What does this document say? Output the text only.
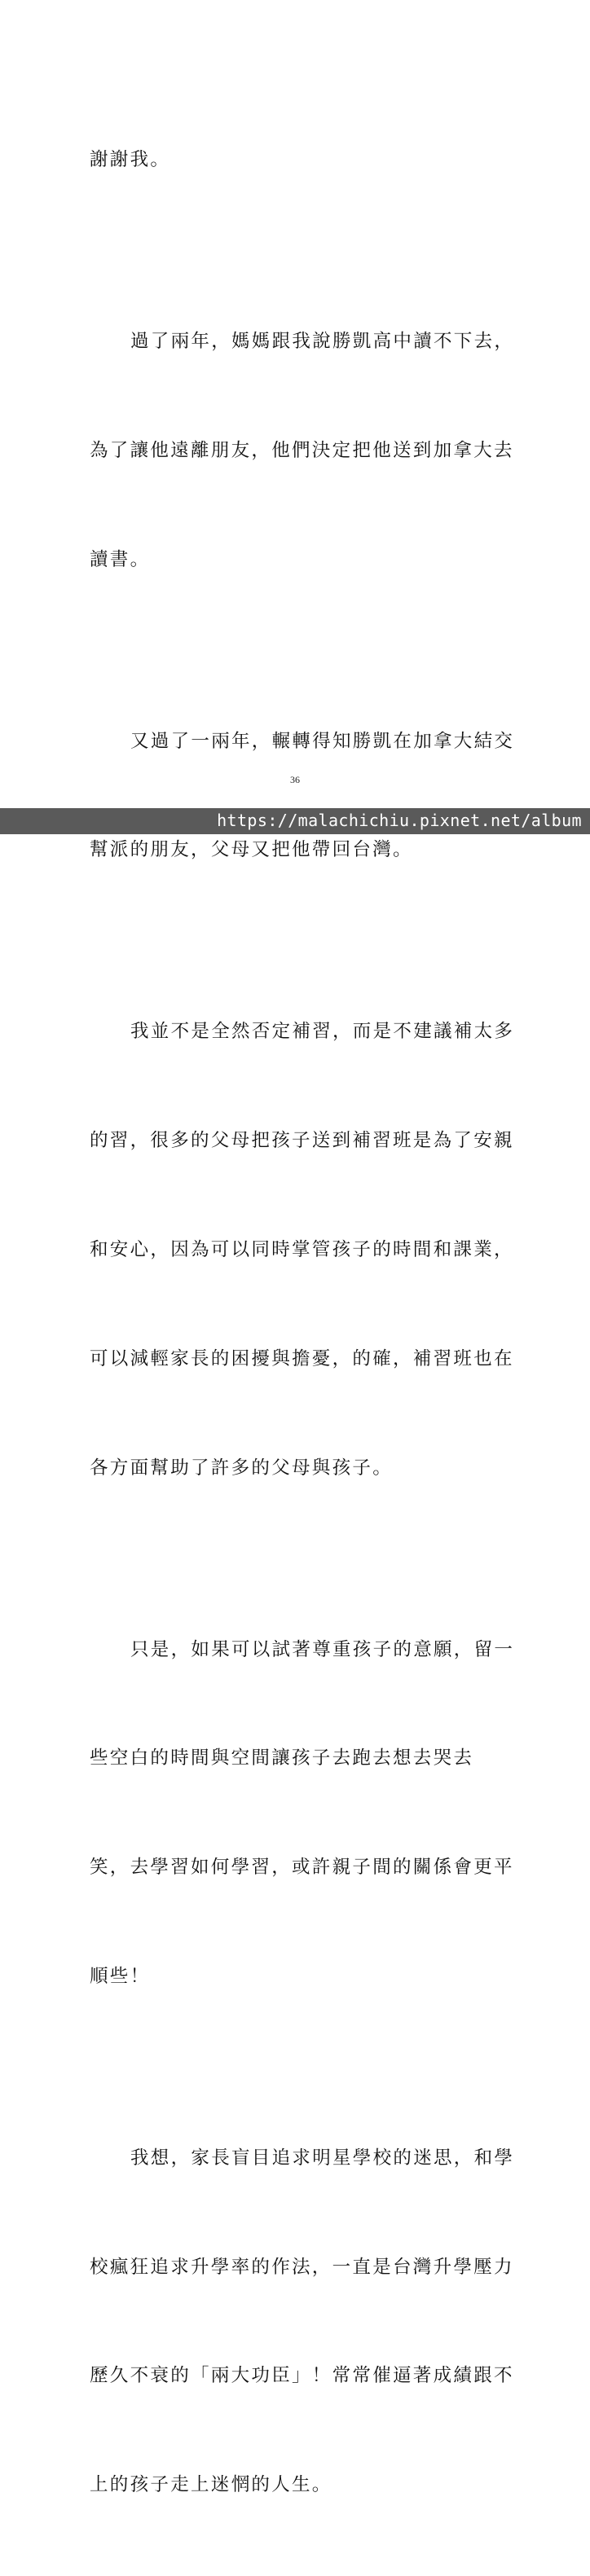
謝謝我。

過了兩年，媽媽跟我說勝凱高中讀不下去，

為了讓他遠離朋友，他們決定把他送到加拿大去

讀書。

又過了一兩年，輾轉得知勝凱在加拿大結交

幫派的朋友，父母又把他帶回台灣。

我並不是全然否定補習，而是不建議補太多

的習，很多的父母把孩子送到補習班是為了安親

和安心，因為可以同時掌管孩子的時間和課業，

可以減輕家長的困擾與擔憂，的確，補習班也在

各方面幫助了許多的父母與孩子。

只是，如果可以試著尊重孩子的意願，留一

些空白的時間與空間讓孩子去跑去想去哭去

笑，去學習如何學習，或許親子間的關係會更平

順些！

我想，家長盲目追求明星學校的迷思，和學

校瘋狂追求升學率的作法，一直是台灣升學壓力

歷久不衰的「兩大功臣」！常常催逼著成績跟不

上的孩子走上迷惘的人生。

36
https://malachichiu.pixnet.net/album
